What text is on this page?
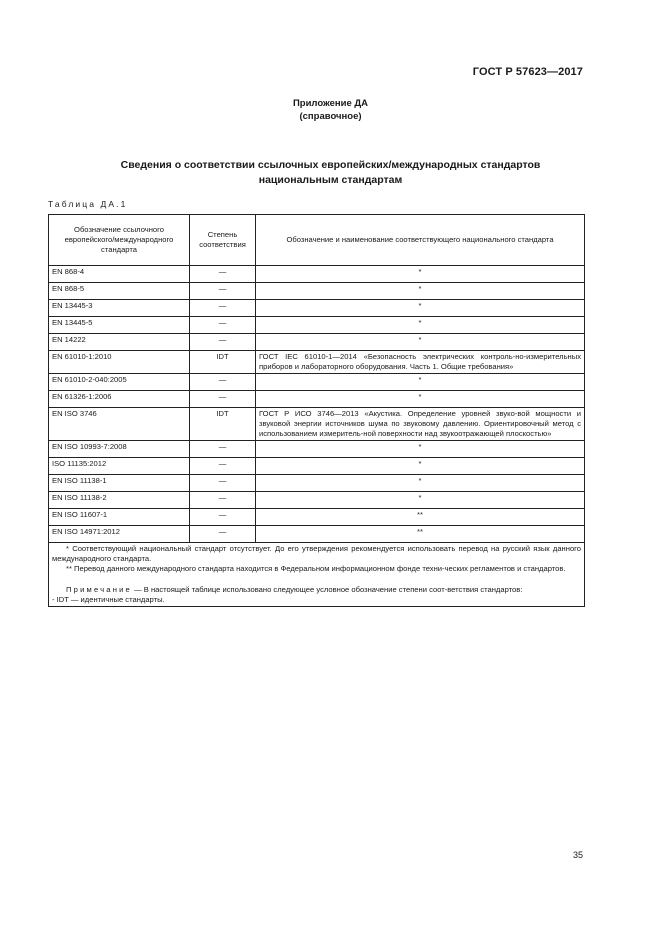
ГОСТ Р 57623—2017
Приложение ДА
(справочное)
Сведения о соответствии ссылочных европейских/международных стандартов
национальным стандартам
Таблица ДА.1
Обозначение ссылочного европейского/международного стандарта	Степень соответствия	Обозначение и наименование соответствующего национального стандарта
EN 868-4	—	*
EN 868-5	—	*
EN 13445-3	—	*
EN 13445-5	—	*
EN 14222	—	*
EN 61010-1:2010	IDT	ГОСТ IEC 61010-1—2014 «Безопасность электрических контроль-но-измерительных приборов и лабораторного оборудования. Часть 1. Общие требования»
EN 61010-2-040:2005	—	*
EN 61326-1:2006	—	*
EN ISO 3746	IDT	ГОСТ Р ИСО 3746—2013 «Акустика. Определение уровней звуко-вой мощности и звуковой энергии источников шума по звуковому давлению. Ориентировочный метод с использованием измеритель-ной поверхности над звукоотражающей плоскостью»
EN ISO 10993-7:2008	—	*
ISO 11135:2012	—	*
EN ISO 11138-1	—	*
EN ISO 11138-2	—	*
EN ISO 11607-1	—	**
EN ISO 14971:2012	—	**

* Соответствующий национальный стандарт отсутствует. До его утверждения рекомендуется использовать перевод на русский язык данного международного стандарта.

** Перевод данного международного стандарта находится в Федеральном информационном фонде техни-ческих регламентов и стандартов.

Примечание — В настоящей таблице использовано следующее условное обозначение степени соот-ветствия стандартов:

- IDT — идентичные стандарты.		

35
